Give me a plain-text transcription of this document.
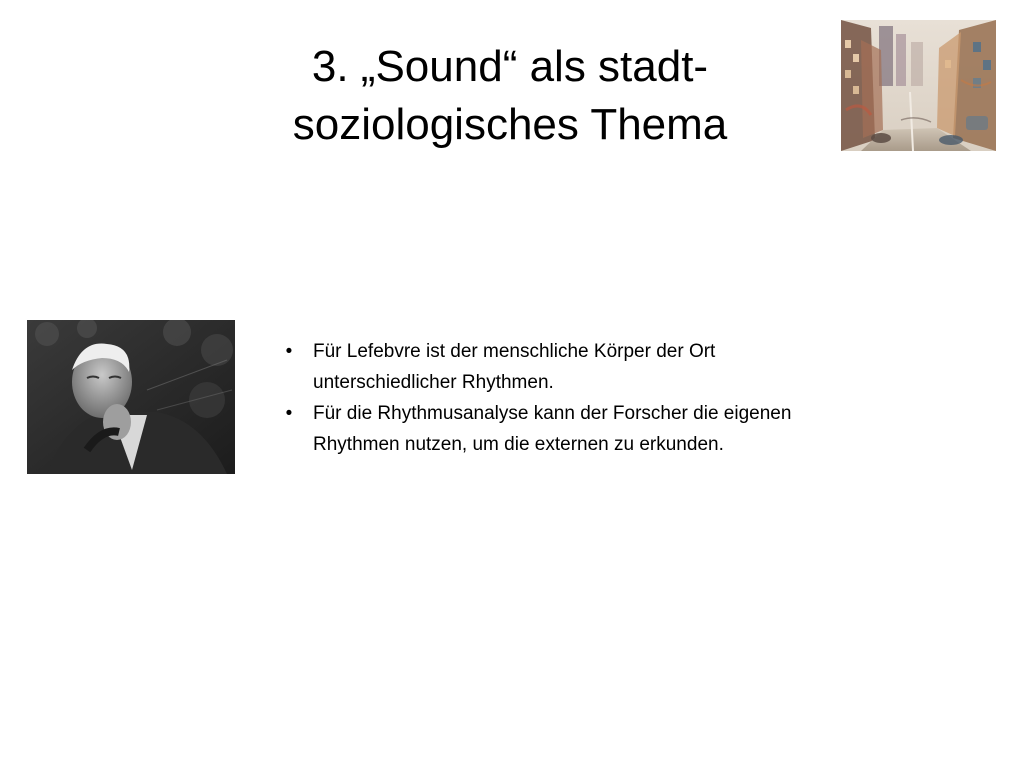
3. „Sound“ als stadt-
soziologisches Thema
• Für Lefebvre ist der menschliche Körper der Ort
unterschiedlicher Rhythmen.
• Für die Rhythmusanalyse kann der Forscher die eigenen
Rhythmen nutzen, um die externen zu erkunden.
